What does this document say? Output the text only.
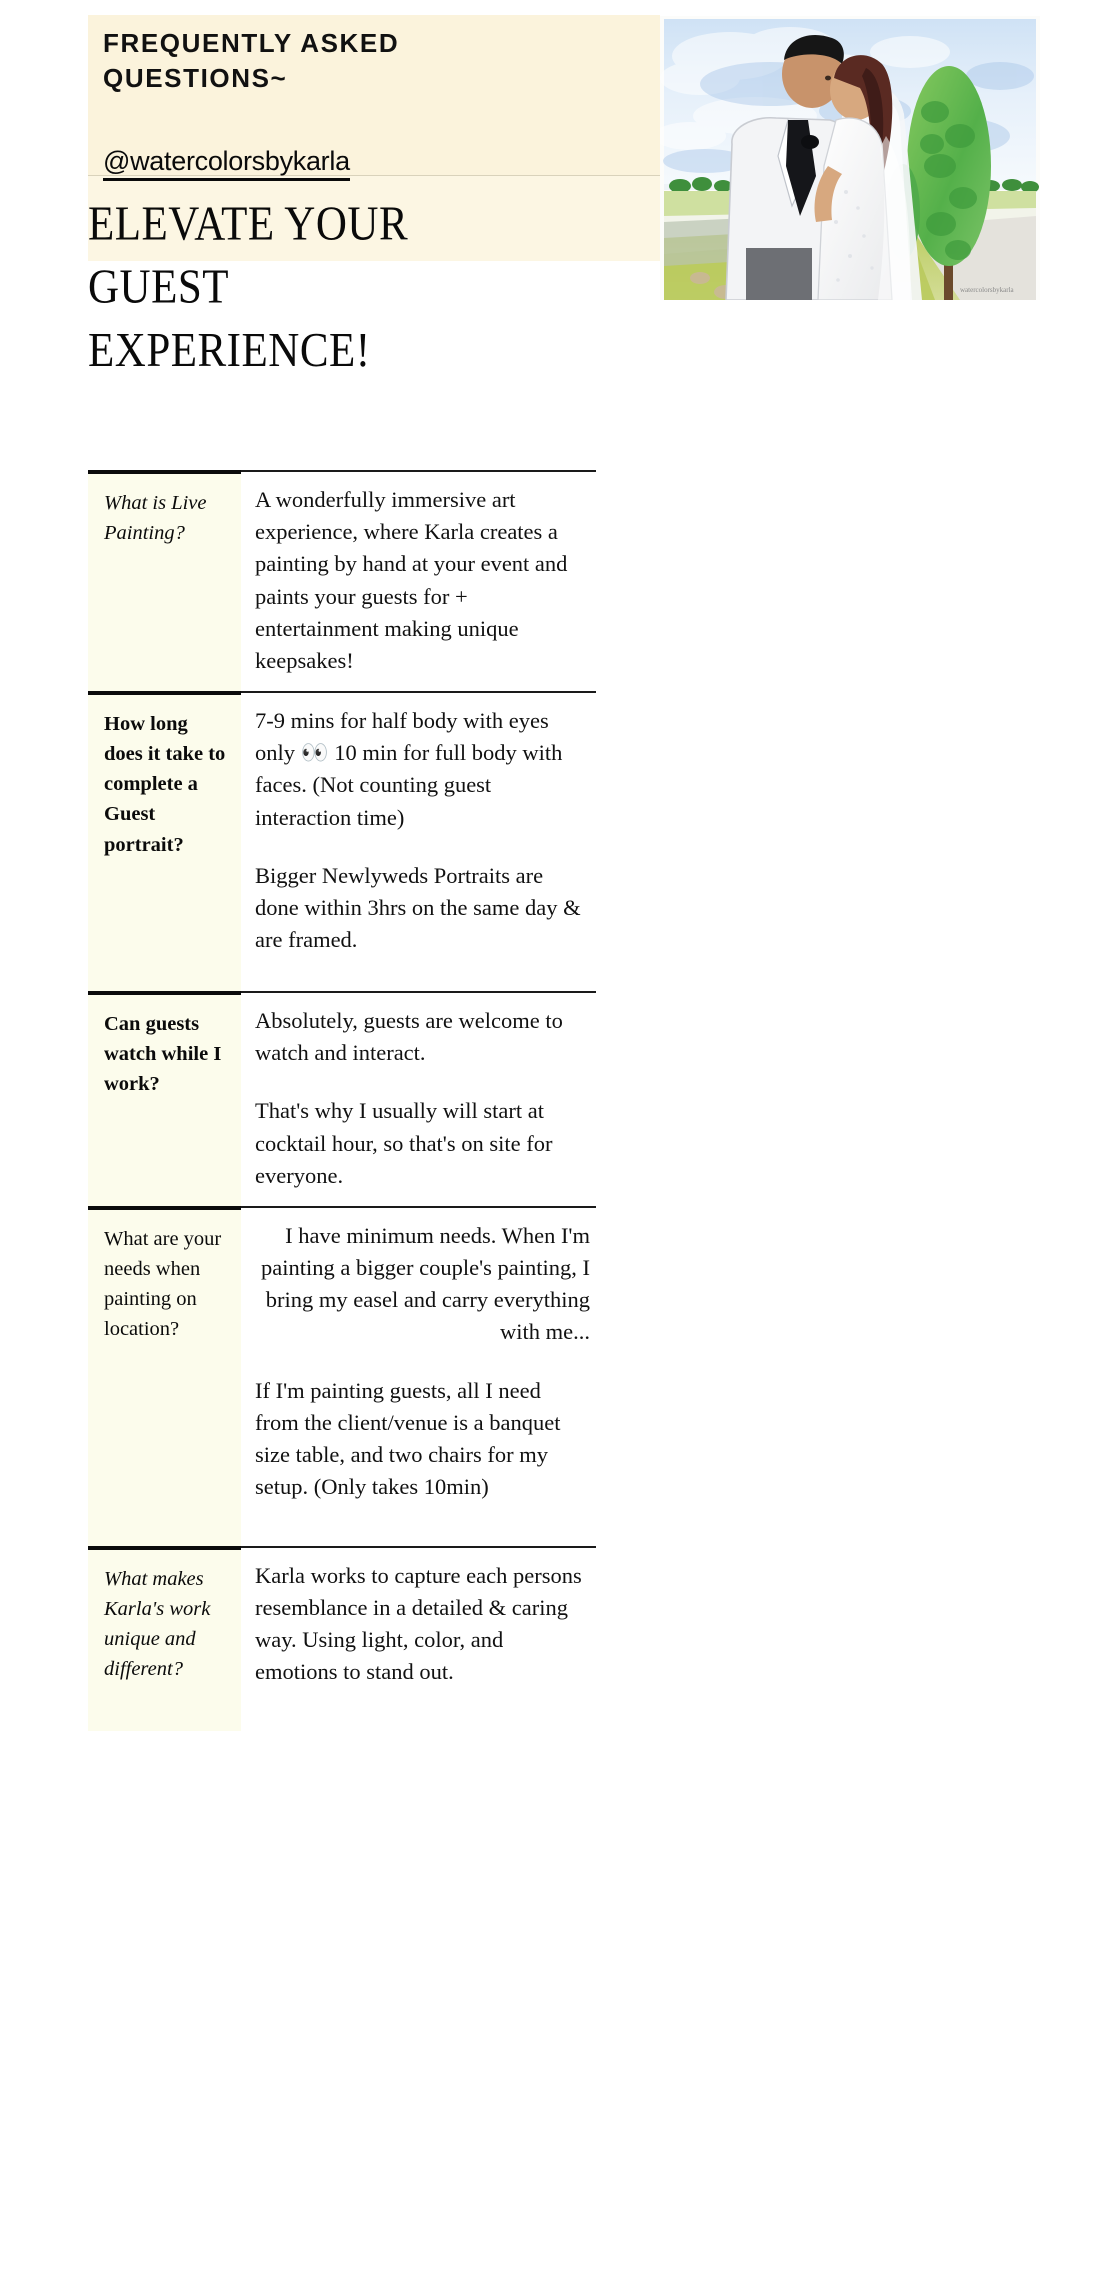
FREQUENTLY ASKED QUESTIONS~
@watercolorsbykarla
ELEVATE YOUR GUEST
EXPERIENCE!
watercolorsbykarla
What is Live Painting?

A wonderfully immersive art experience, where Karla creates a painting by hand at your event and paints your guests for + entertainment making unique keepsakes!

How long does it take to complete a Guest portrait?

7-9 mins for half body with eyes only 👀 10 min for full body with faces. (Not counting guest interaction time)

Bigger Newlyweds Portraits are done within 3hrs on the same day & are framed.

Can guests watch while I work?

Absolutely, guests are welcome to watch and interact.

That's why I usually will start at cocktail hour, so that's on site for everyone.

What are your needs when painting on location?

I have minimum needs. When I'm painting a bigger couple's painting, I bring my easel and carry everything with me...

If I'm painting guests, all I need from the client/venue is a banquet size table, and two chairs for my setup. (Only takes 10min)

What makes Karla's work unique and different?

Karla works to capture each persons resemblance in a detailed & caring way. Using light, color, and emotions to stand out.
